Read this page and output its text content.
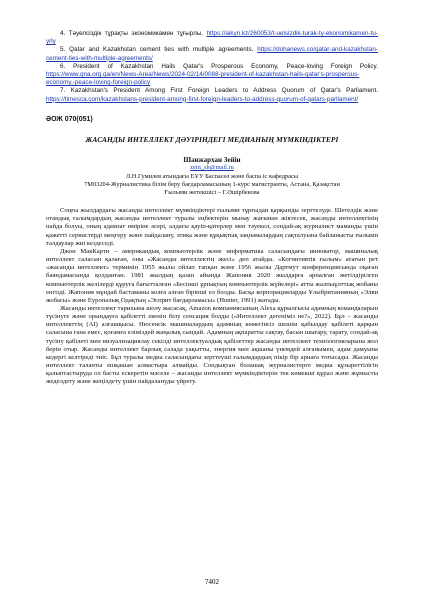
4. Тәуелсіздік тұрақты экономикамен тұғырлы. https://aikyn.kz/260053/t-uelsizdik-turak-ty-ekonomikamen-tu-yrly
5. Qatar and Kazakhstan cement ties with multiple agreements. https://dohanews.co/qatar-and-kazakhstan-cement-ties-with-multiple-agreements/
6. President of Kazakhstan Hails Qatar's Prosperous Economy, Peace-loving Foreign Policy. https://www.qna.org.qa/en/News-Area/News/2024-02/14/0088-president-of-kazakhstan-hails-qatar's-prosperous-economy,-peace-loving-foreign-policy
7. Kazakhstan's President Among First Foreign Leaders to Address Quorum of Qatar's Parliament. https://timesca.com/kazakhstans-president-among-first-foreign-leaders-to-address-quorum-of-qatars-parliament/
ӘОЖ 070(051)
ЖАСАНДЫ ИНТЕЛЛЕКТ ДӘУІРІНДЕГІ МЕДИАНЫҢ МҮМКІНДІКТЕРІ
Шанжархан Зейін
zein_sh@mail.ru
Л.Н.Гумилев атындағы ЕҰУ Баспасөз және баспа іс кафедрасы
7М03204-Журналистика білім беру бағдарламасының 1-курс магистранты, Астана, Қазақстан
Ғылыми жетекшісі – Г.Әшірбекова

Соңғы жылдардағы жасанды интеллект мүмкіндіктері ғылыми тұрғыдан қарқынды зерттелуде. Шетелдік және отандық ғалымдардың жасанды интеллект туралы еңбектерін мынау жағынан жіктесек, жасанды интеллектінің пайда болуы, оның адамзат өміріне әсері, алдағы қауіп-қатерлер мен тәуекел, сондай-ақ журналист маманды үшін қажетті сервистерді меңгеру және пайдалану, этика және құқықтық заңнамалардың сақталуына байланысты ғылыми талдаулар жиі кездеседі.

Джон МакКарти – американдық компьютерлік және информатика саласындағы инноватор, машиналық интеллект саласын қалаған, оны «Жасанды интеллектің әкесі» деп атайды. «Когнитивтік ғылым» атағын рет «жасанды интеллект» терминін 1955 жылы ойлап тапқан және 1956 жылы Дартмут конференциясында оқаған баяндамасында қолданған. 1981 жылдың қазан айында Жапония 2020 жылдарға арналған жетілдірілген компьютерлік желілерді құруға бағытталған «Бесінші ұрпақтың компьютерлік жүйелері» атты жалпыұлттық жобаны енгізді. Жапония мұндай бастаманы колға алған бірінші ел болды. Басқа корпорацияларды Ұлыбританияның «Элви жобасы» және Еуропалық Одақтың «Эсприт бағдарламасы» (Hunter, 1991) жатады.

Жасанды интеллект тарихына шолу жасасақ, Amazon компаниясының Alexa құрылғысы адамның командаларын түсінуге және орындауға қабілетті екенін білу сенсация болды («Интеллект дегеніміз не?», 2022). Бұл – жасанды интеллекттің (AI) алғашқысы. Нюсенсік машиналардың адамның көмегінсіз шешім қабылдау қабілеті қарқын саласына ғана емес, қоғамға еліміздей жаңалық сындай. Адамның ақпаратты сақтау, басын шығару, тарату, сондай-ақ түсіну қабілеті мен визуализациялау секілді интеллектуалдық қабілеттер жасанды интеллект технологияларына жол берін отыр. Жасанды интеллект барлық салада уақытты, энергия мен ақшаны үнемдей алғанымен, адам дамуына кедергі келтіреді тиіс. Бұл туралы медиа саласындағы зерттеуші ғалымдардың пікір бір арнаға тоғысады. Жасанды интеллект таланты ешқашан алмастыра алмайды. Сондықтан болашақ журналистерге медиа құзыреттілігін қалыптастыруда ол басты ескеретін мәселе – жасанды интеллект мүмкіндіктерін тек көмекші құрал және жұмысты жеделдету және жеңілдету үшін пайдалануды үйрету.

7402
